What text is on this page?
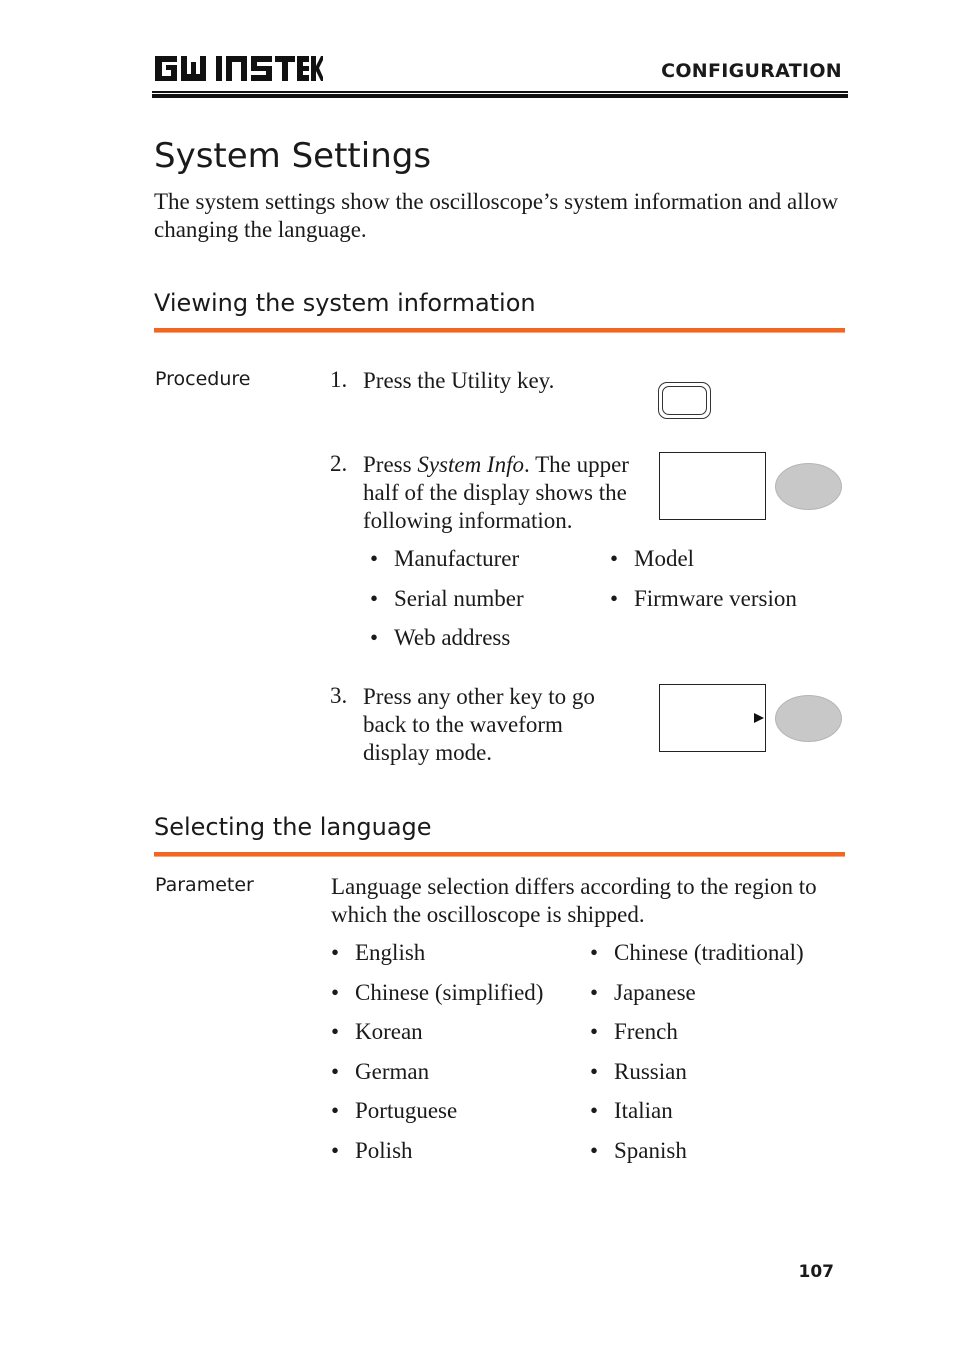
CONFIGURATION
System Settings
The system settings show the oscilloscope’s system information and allow changing the language.
Viewing the system information
Procedure	1. Press the Utility key.
2. Press System Info. The upper half of the display shows the following information.
• Manufacturer	• Model
• Serial number	• Firmware version
• Web address
3. Press any other key to go back to the waveform display mode.
Selecting the language
Parameter	Language selection differs according to the region to which the oscilloscope is shipped.
• English	• Chinese (traditional)
• Chinese (simplified) • Japanese
• Korean	• French
• German	• Russian
• Portuguese	• Italian
• Polish	• Spanish
107
